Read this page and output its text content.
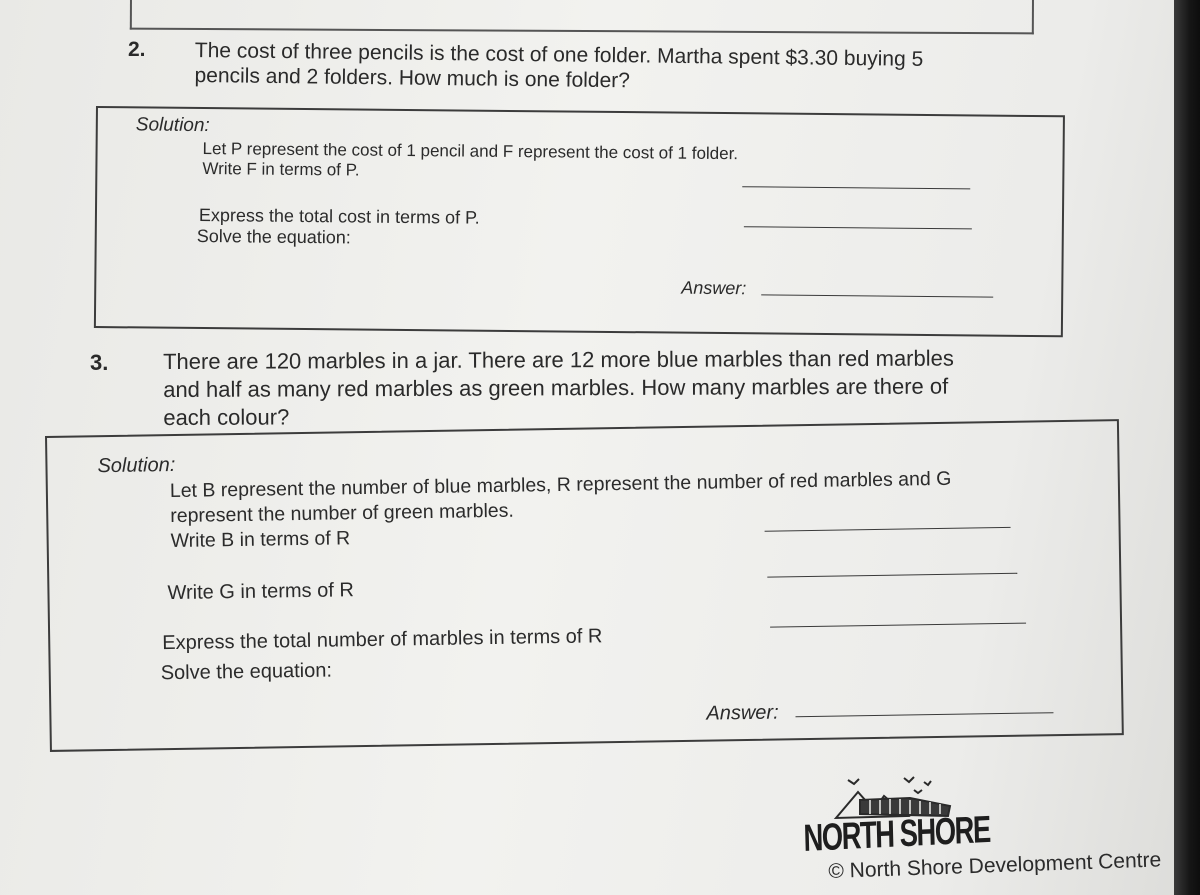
2. The cost of three pencils is the cost of one folder. Martha spent $3.30 buying 5
pencils and 2 folders. How much is one folder?
Solution:
Let P represent the cost of 1 pencil and F represent the cost of 1 folder.
Write F in terms of P.
Express the total cost in terms of P.
Solve the equation:
Answer:
3. There are 120 marbles in a jar. There are 12 more blue marbles than red marbles
and half as many red marbles as green marbles. How many marbles are there of
each colour?
Solution:
Let B represent the number of blue marbles, R represent the number of red marbles and G
represent the number of green marbles.
Write B in terms of R
Write G in terms of R
Express the total number of marbles in terms of R
Solve the equation:
Answer:
NORTH SHORE
© North Shore Development Centre
